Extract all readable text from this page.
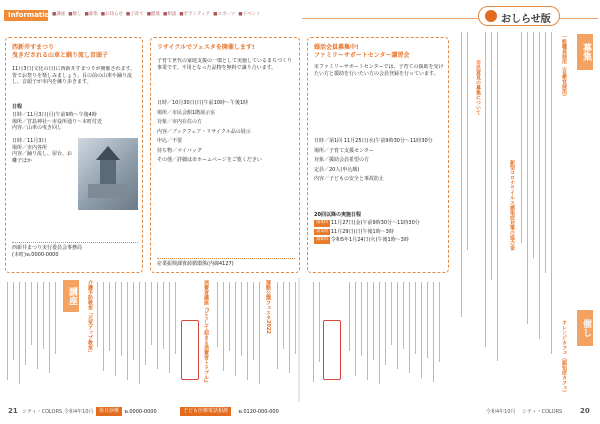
Information
■講座 ■催し ■募集 ■お知らせ ■子育て ■健康 ■相談 ■ボランティア ■スポーツ ■イベント	おしらせ版
西新井すまつり
曳きだされる山車と踊り流し音頭子
11月3日(文化の日)に西新井すまつりが開催されます。皆でお祭りを楽しみましょう。目の前の山車や踊り流し、音頭子が市内を練り歩きます。
日程
日時／11月3日(月)午前9時〜午後4時
場所／宮島神社〜市役所通り〜本町付近
内容／山車の曳き回し
日時／11月3日
場所／市内各所
内容／踊り流し、屋台、お囃子ほか
西新井まつり実行委員会事務局
(本町)℡0000-0000
リサイクルでフェスタを開催します!
子育て世代の家庭支援の一環として実施しているまちづくり事業です。不用となった品物を無料で譲り合います。
日時／10月30日(日)午前10時〜午後1時
場所／市民会館1階展示室
対象／市内在住の方
内容／ブックフェア・リサイクル品の展示
申込／不要
持ち物／マイバッグ
その他／詳細は市ホームページをご覧ください
産業振興課資源循環係(内線4127)
婚活会員募集中!
ファミリーサポートセンター講習会
市ファミリーサポートセンターでは、子育ての援助を受けたい方と援助を行いたい方の会員登録を行っています。
日時／第1回 11月25日(水)午前9時30分〜11時30分
場所／子育て支援センター
対象／援助会員希望の方
定員／20人(申込順)
内容／子どもの安全と事故防止
20回以降の実施日程
第4回 11月27日(金)午前9時30分〜11時30分
第5回 11月29日(日)午後1時〜3時
第6回 令和5年1月24日(火)午後1時〜3時
講座	介護予防教室「元気アップ教室」	消費者講座『どうして起きる消費者トラブル』	運動公園フェスタ2022
募集
催し
一般職員採用（自衛官採用）
新型コロナウイルス感染症対策の協力金
市民意見の募集について
オレンジカフェ（認知症カフェ）
21 シティ・COLORS 令和4年10月	休日診療 ℡0000-0000	子ども医療電話相談	℡0120-000-000	令和4年10月 シティ・COLORS	20
